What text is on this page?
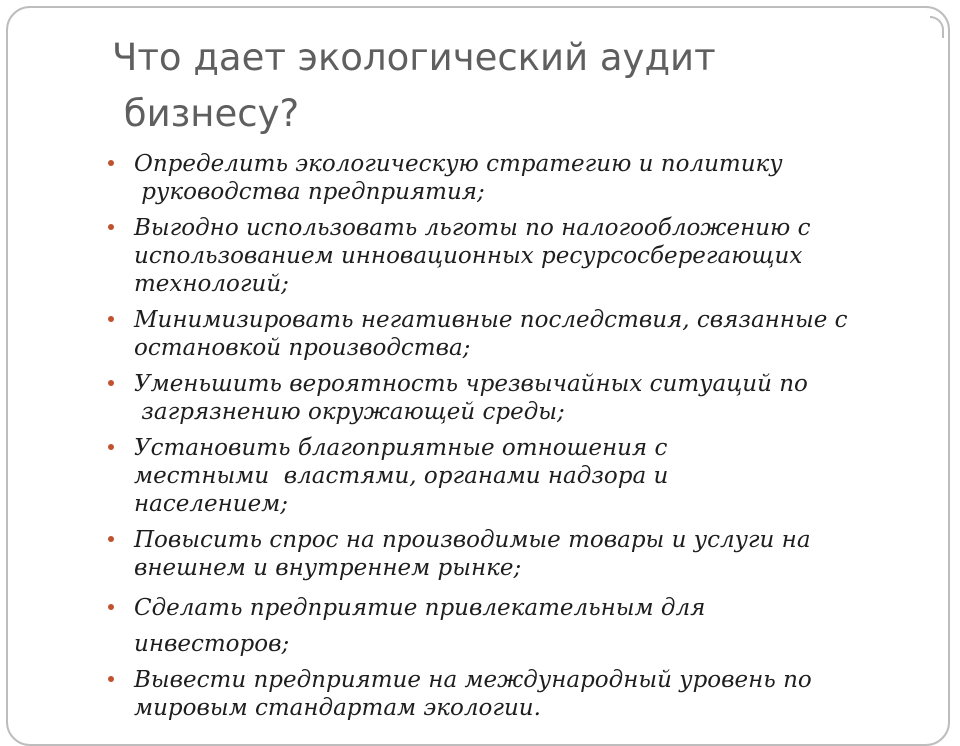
Что дает экологический аудит
бизнесу?
Определить экологическую стратегию и политику
руководства предприятия;
Выгодно использовать льготы по налогообложению с
использованием инновационных ресурсосберегающих
технологий;
Минимизировать негативные последствия, связанные с
остановкой производства;
Уменьшить вероятность чрезвычайных ситуаций по
загрязнению окружающей среды;
Установить благоприятные отношения с
местными  властями, органами надзора и
населением;
Повысить спрос на производимые товары и услуги на
внешнем и внутреннем рынке;
Сделать предприятие привлекательным для
инвесторов;
Вывести предприятие на международный уровень по
мировым стандартам экологии.
